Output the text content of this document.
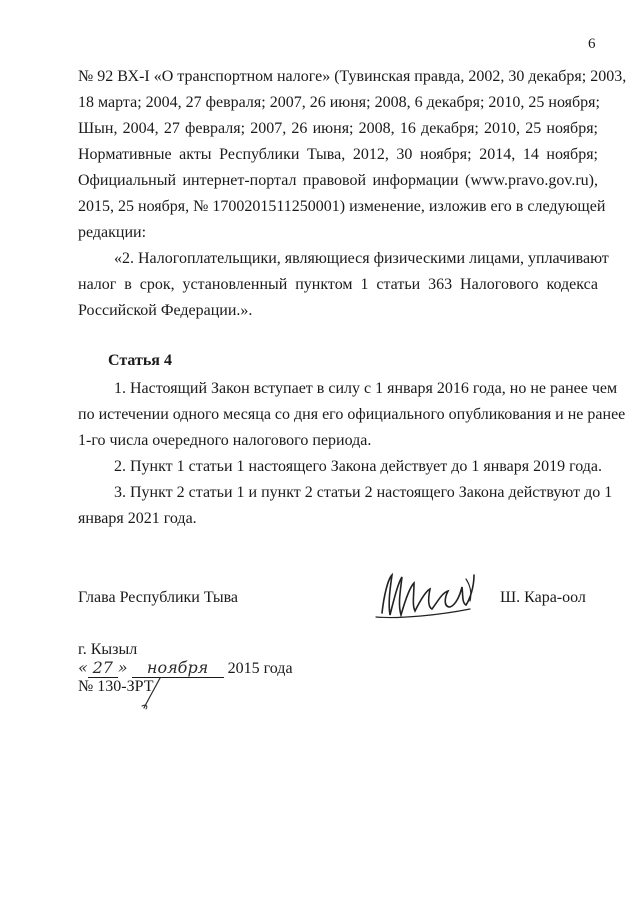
6
№ 92 ВХ-I «О транспортном налоге» (Тувинская правда, 2002, 30 декабря; 2003,
18 марта; 2004, 27 февраля; 2007, 26 июня; 2008, 6 декабря; 2010, 25 ноября;
Шын, 2004, 27 февраля; 2007, 26 июня; 2008, 16 декабря; 2010, 25 ноября;
Нормативные акты Республики Тыва, 2012, 30 ноября; 2014, 14 ноября;
Официальный интернет-портал правовой информации (www.pravo.gov.ru),
2015, 25 ноября, № 1700201511250001) изменение, изложив его в следующей
редакции:
«2. Налогоплательщики, являющиеся физическими лицами, уплачивают
налог в срок, установленный пунктом 1 статьи 363 Налогового кодекса
Российской Федерации.».
Статья 4
1. Настоящий Закон вступает в силу с 1 января 2016 года, но не ранее чем
по истечении одного месяца со дня его официального опубликования и не ранее
1-го числа очередного налогового периода.
2. Пункт 1 статьи 1 настоящего Закона действует до 1 января 2019 года.
3. Пункт 2 статьи 1 и пункт 2 статьи 2 настоящего Закона действуют до 1
января 2021 года.
Глава Республики Тыва	Ш. Кара-оол
г. Кызыл
« 27 » ноября 2015 года
№ 130-ЗРТ
